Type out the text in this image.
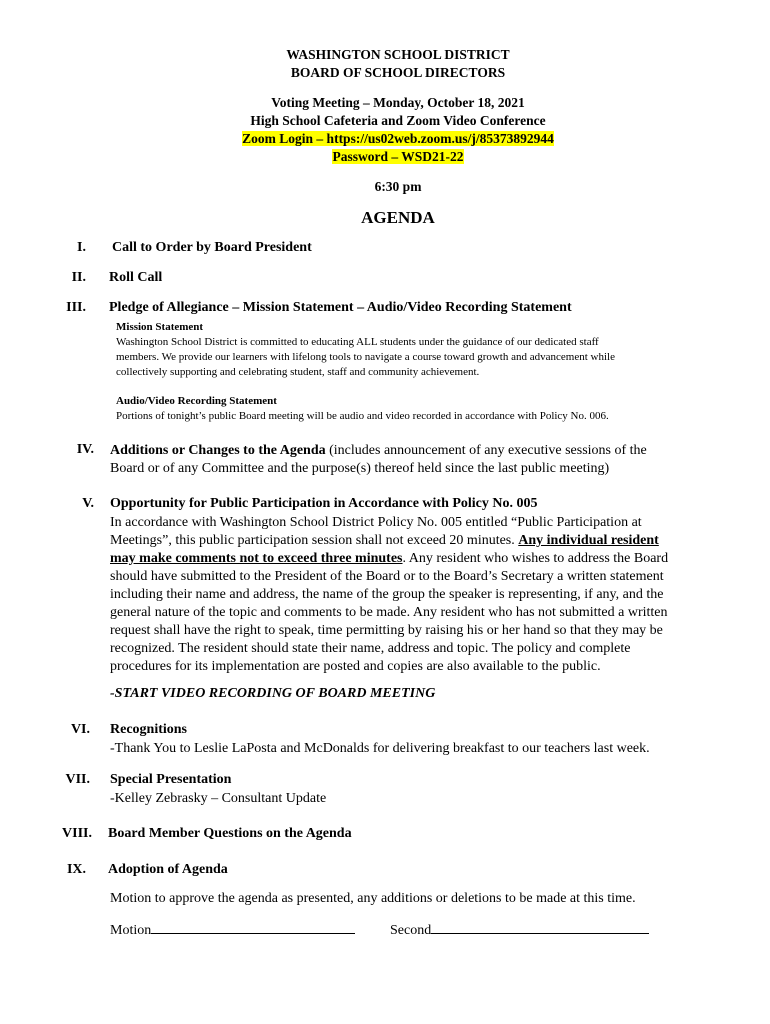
WASHINGTON SCHOOL DISTRICT
BOARD OF SCHOOL DIRECTORS
Voting Meeting – Monday, October 18, 2021
High School Cafeteria and Zoom Video Conference
Zoom Login – https://us02web.zoom.us/j/85373892944
Password – WSD21-22
6:30 pm
AGENDA
I. Call to Order by Board President
II. Roll Call
III. Pledge of Allegiance – Mission Statement – Audio/Video Recording Statement
Mission Statement
Washington School District is committed to educating ALL students under the guidance of our dedicated staff
members. We provide our learners with lifelong tools to navigate a course toward growth and advancement while
collectively supporting and celebrating student, staff and community achievement.
Audio/Video Recording Statement
Portions of tonight’s public Board meeting will be audio and video recorded in accordance with Policy No. 006.
IV. Additions or Changes to the Agenda (includes announcement of any executive sessions of the
Board or of any Committee and the purpose(s) thereof held since the last public meeting)
V. Opportunity for Public Participation in Accordance with Policy No. 005
In accordance with Washington School District Policy No. 005 entitled “Public Participation at
Meetings”, this public participation session shall not exceed 20 minutes. Any individual resident
may make comments not to exceed three minutes. Any resident who wishes to address the Board
should have submitted to the President of the Board or to the Board’s Secretary a written statement
including their name and address, the name of the group the speaker is representing, if any, and the
general nature of the topic and comments to be made. Any resident who has not submitted a written
request shall have the right to speak, time permitting by raising his or her hand so that they may be
recognized. The resident should state their name, address and topic. The policy and complete
procedures for its implementation are posted and copies are also available to the public.
-START VIDEO RECORDING OF BOARD MEETING
VI. Recognitions
-Thank You to Leslie LaPosta and McDonalds for delivering breakfast to our teachers last week.
VII. Special Presentation
-Kelley Zebrasky – Consultant Update
VIII. Board Member Questions on the Agenda
IX. Adoption of Agenda
Motion to approve the agenda as presented, any additions or deletions to be made at this time.
Motion	Second
